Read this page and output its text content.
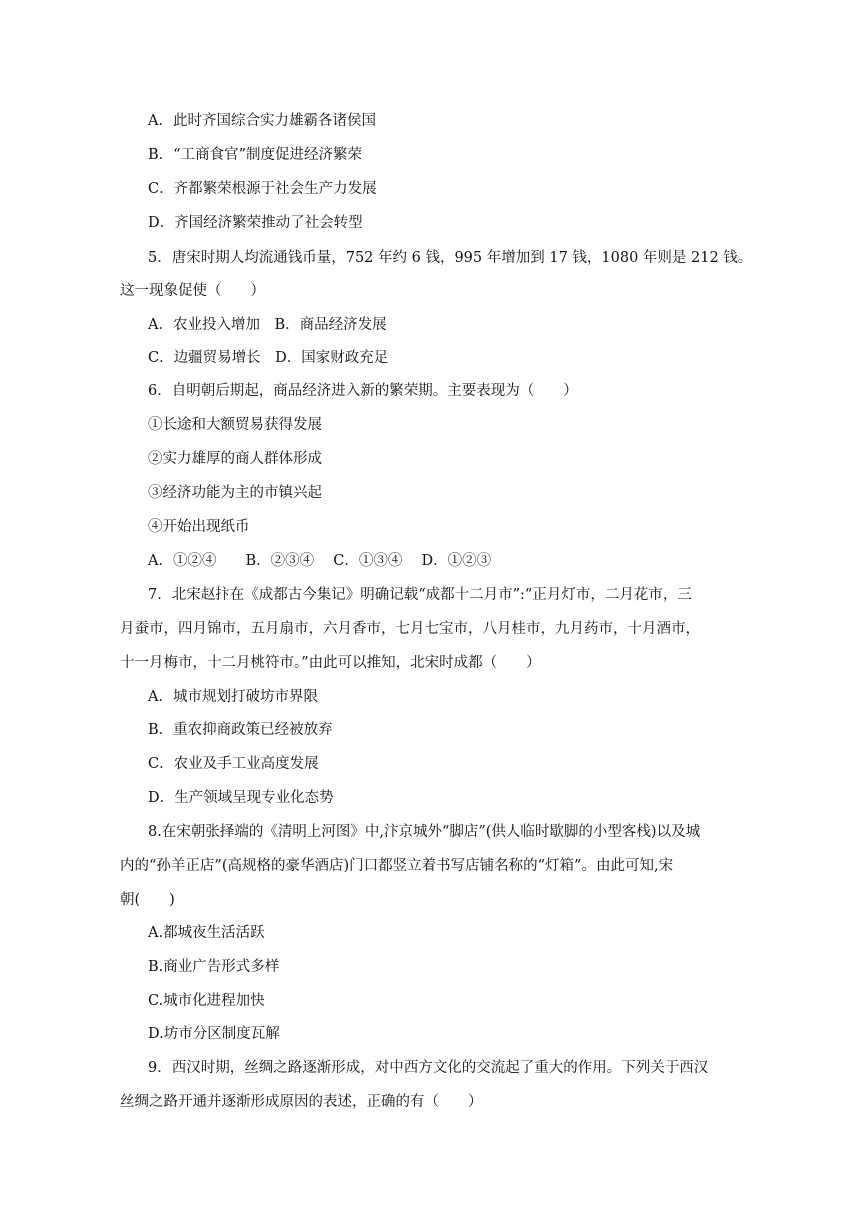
A．此时齐国综合实力雄霸各诸侯国
B．“工商食官”制度促进经济繁荣
C．齐都繁荣根源于社会生产力发展
D．齐国经济繁荣推动了社会转型
5．唐宋时期人均流通钱币量，752 年约 6 钱，995 年增加到 17 钱，1080 年则是 212 钱。
这一现象促使（　　）
A．农业投入增加　B．商品经济发展
C．边疆贸易增长　D．国家财政充足
6．自明朝后期起，商品经济进入新的繁荣期。主要表现为（　　）
①长途和大额贸易获得发展
②实力雄厚的商人群体形成
③经济功能为主的市镇兴起
④开始出现纸币
A．①②④　　B．②③④　 C．①③④　 D．①②③
7．北宋赵抃在《成都古今集记》明确记载“成都十二月市”:“正月灯市，二月花市，三
月蚕市，四月锦市，五月扇市，六月香市，七月七宝市，八月桂市，九月药市，十月酒市，
十一月梅市，十二月桃符市。”由此可以推知，北宋时成都（　　）
A．城市规划打破坊市界限
B．重农抑商政策已经被放弃
C．农业及手工业高度发展
D．生产领域呈现专业化态势
8.在宋朝张择端的《清明上河图》中,汴京城外“脚店”(供人临时歇脚的小型客栈)以及城
内的“孙羊正店”(高规格的豪华酒店)门口都竖立着书写店铺名称的“灯箱”。由此可知,宋
朝(　　)
A.都城夜生活活跃
B.商业广告形式多样
C.城市化进程加快
D.坊市分区制度瓦解
9．西汉时期，丝绸之路逐渐形成，对中西方文化的交流起了重大的作用。下列关于西汉
丝绸之路开通并逐渐形成原因的表述，正确的有（　　）
